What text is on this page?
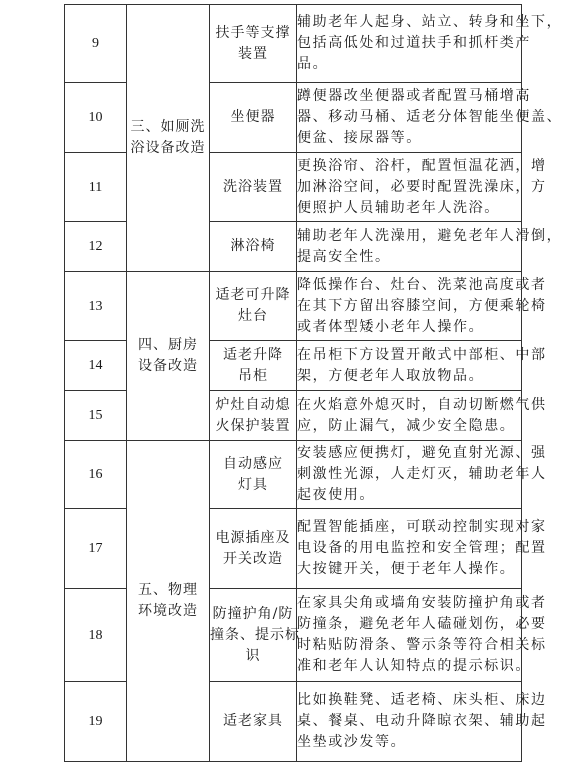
9	三、如厕洗
浴设备改造	扶手等支撑
装置	辅助老年人起身、站立、转身和坐下，
包括高低处和过道扶手和抓杆类产
品。

10		坐便器	蹲便器改坐便器或者配置马桶增高
器、移动马桶、适老分体智能坐便盖、
便盆、接尿器等。

11		洗浴装置	更换浴帘、浴杆，配置恒温花洒，增
加淋浴空间，必要时配置洗澡床，方
便照护人员辅助老年人洗浴。

12		淋浴椅	辅助老年人洗澡用，避免老年人滑倒，
提高安全性。

13	四、厨房
设备改造	适老可升降
灶台	降低操作台、灶台、洗菜池高度或者
在其下方留出容膝空间，方便乘轮椅
或者体型矮小老年人操作。

14		适老升降
吊柜	在吊柜下方设置开敞式中部柜、中部
架，方便老年人取放物品。

15		炉灶自动熄
火保护装置	在火焰意外熄灭时，自动切断燃气供
应，防止漏气，减少安全隐患。

16	五、物理
环境改造	自动感应
灯具	安装感应便携灯，避免直射光源、强
刺激性光源，人走灯灭，辅助老年人
起夜使用。

17		电源插座及
开关改造	配置智能插座，可联动控制实现对家
电设备的用电监控和安全管理；配置
大按键开关，便于老年人操作。

18		防撞护角/防
撞条、提示标
识	在家具尖角或墙角安装防撞护角或者
防撞条，避免老年人磕碰划伤，必要
时粘贴防滑条、警示条等符合相关标
准和老年人认知特点的提示标识。

19		适老家具	比如换鞋凳、适老椅、床头柜、床边
桌、餐桌、电动升降晾衣架、辅助起
坐垫或沙发等。
